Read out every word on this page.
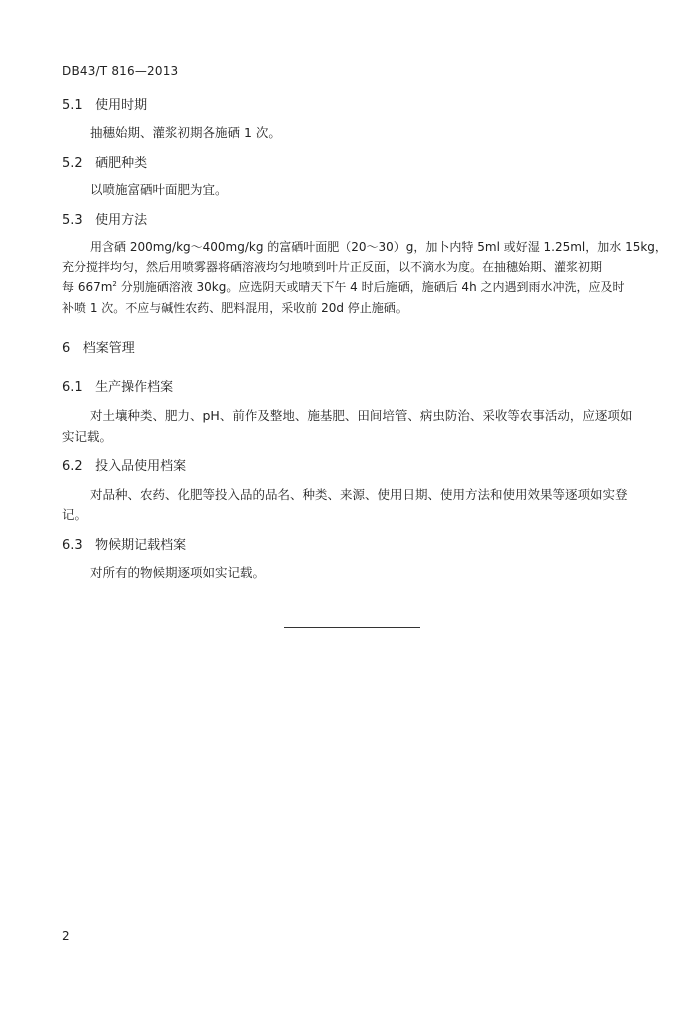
DB43/T 816—2013
5.1 使用时期
抽穗始期、灌浆初期各施硒 1 次。
5.2 硒肥种类
以喷施富硒叶面肥为宜。
5.3 使用方法
用含硒 200mg/kg～400mg/kg 的富硒叶面肥（20～30）g，加卜内特 5ml 或好湿 1.25ml，加水 15kg，
充分搅拌均匀，然后用喷雾器将硒溶液均匀地喷到叶片正反面，以不滴水为度。在抽穗始期、灌浆初期
每 $667m^2$ 分别施硒溶液 30kg。应选阴天或晴天下午 4 时后施硒，施硒后 4h 之内遇到雨水冲洗，应及时
补喷 1 次。不应与碱性农药、肥料混用，采收前 20d 停止施硒。
6 档案管理
6.1 生产操作档案
对土壤种类、肥力、pH、前作及整地、施基肥、田间培管、病虫防治、采收等农事活动，应逐项如
实记载。
6.2 投入品使用档案
对品种、农药、化肥等投入品的品名、种类、来源、使用日期、使用方法和使用效果等逐项如实登
记。
6.3 物候期记载档案
对所有的物候期逐项如实记载。
2
